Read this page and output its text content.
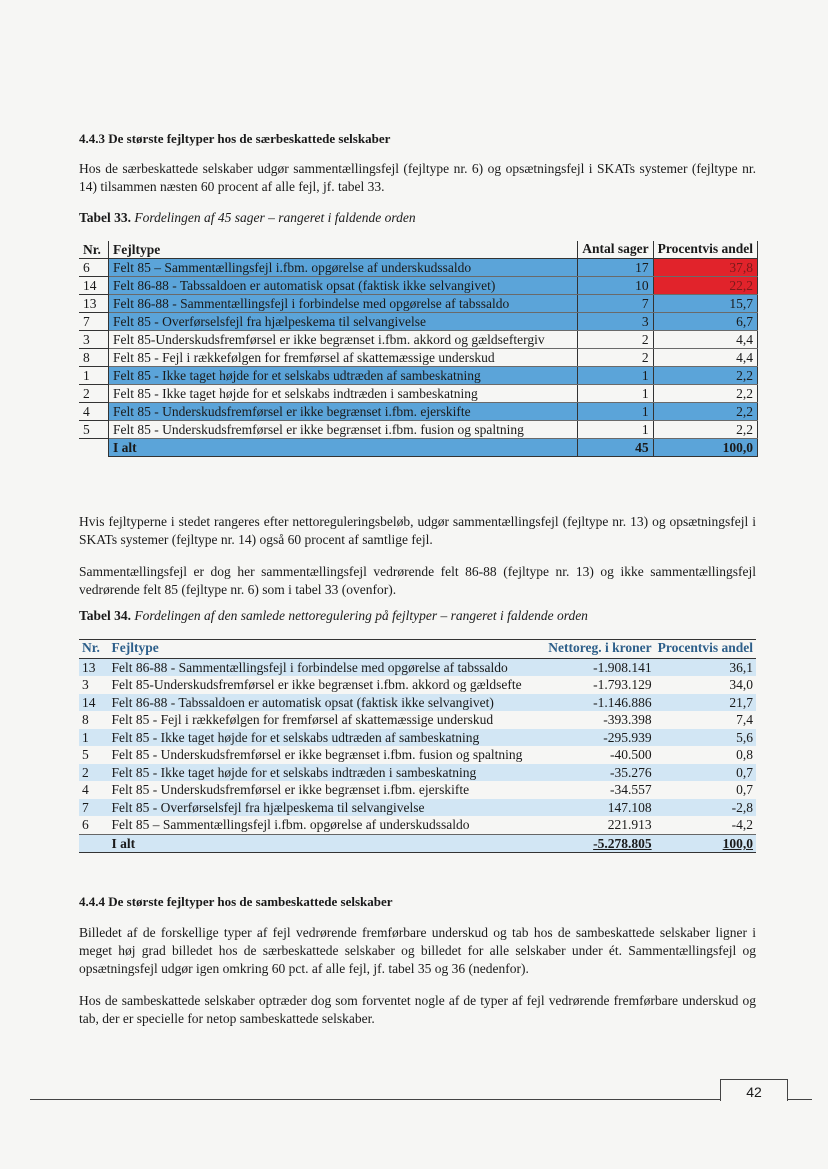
4.4.3 De største fejltyper hos de særbeskattede selskaber
Hos de særbeskattede selskaber udgør sammentællingsfejl (fejltype nr. 6) og opsætningsfejl i SKATs systemer (fejltype nr. 14) tilsammen næsten 60 procent af alle fejl, jf. tabel 33.
Tabel 33. Fordelingen af 45 sager – rangeret i faldende orden
Nr.	Fejltype	Antal sager	Procentvis andel
6	Felt 85 – Sammentællingsfejl i.fbm. opgørelse af underskudssaldo	17	37,8
14	Felt 86-88 - Tabssaldoen er automatisk opsat (faktisk ikke selvangivet)	10	22,2
13	Felt 86-88 - Sammentællingsfejl i forbindelse med opgørelse af tabssaldo	7	15,7
7	Felt 85 - Overførselsfejl fra hjælpeskema til selvangivelse	3	6,7
3	Felt 85-Underskudsfremførsel er ikke begrænset i.fbm. akkord og gældseftergiv	2	4,4
8	Felt 85 - Fejl i rækkefølgen for fremførsel af skattemæssige underskud	2	4,4
1	Felt 85 - Ikke taget højde for et selskabs udtræden af sambeskatning	1	2,2
2	Felt 85 - Ikke taget højde for et selskabs indtræden i sambeskatning	1	2,2
4	Felt 85 - Underskudsfremførsel er ikke begrænset i.fbm. ejerskifte	1	2,2
5	Felt 85 - Underskudsfremførsel er ikke begrænset i.fbm. fusion og spaltning	1	2,2
	I alt	45	100,0
Hvis fejltyperne i stedet rangeres efter nettoreguleringsbeløb, udgør sammentællingsfejl (fejltype nr. 13) og opsætningsfejl i SKATs systemer (fejltype nr. 14) også 60 procent af samtlige fejl.
Sammentællingsfejl er dog her sammentællingsfejl vedrørende felt 86-88 (fejltype nr. 13) og ikke sammentællingsfejl vedrørende felt 85 (fejltype nr. 6) som i tabel 33 (ovenfor).
Tabel 34. Fordelingen af den samlede nettoregulering på fejltyper – rangeret i faldende orden
Nr.	Fejltype	Nettoreg. i kroner	Procentvis andel
13	Felt 86-88 - Sammentællingsfejl i forbindelse med opgørelse af tabssaldo	-1.908.141	36,1
3	Felt 85-Underskudsfremførsel er ikke begrænset i.fbm. akkord og gældsefte	-1.793.129	34,0
14	Felt 86-88 - Tabssaldoen er automatisk opsat (faktisk ikke selvangivet)	-1.146.886	21,7
8	Felt 85 - Fejl i rækkefølgen for fremførsel af skattemæssige underskud	-393.398	7,4
1	Felt 85 - Ikke taget højde for et selskabs udtræden af sambeskatning	-295.939	5,6
5	Felt 85 - Underskudsfremførsel er ikke begrænset i.fbm. fusion og spaltning	-40.500	0,8
2	Felt 85 - Ikke taget højde for et selskabs indtræden i sambeskatning	-35.276	0,7
4	Felt 85 - Underskudsfremførsel er ikke begrænset i.fbm. ejerskifte	-34.557	0,7
7	Felt 85 - Overførselsfejl fra hjælpeskema til selvangivelse	147.108	-2,8
6	Felt 85 – Sammentællingsfejl i.fbm. opgørelse af underskudssaldo	221.913	-4,2
	I alt	-5.278.805	100,0
4.4.4 De største fejltyper hos de sambeskattede selskaber
Billedet af de forskellige typer af fejl vedrørende fremførbare underskud og tab hos de sambeskattede selskaber ligner i meget høj grad billedet hos de særbeskattede selskaber og billedet for alle selskaber under ét. Sammentællingsfejl og opsætningsfejl udgør igen omkring 60 pct. af alle fejl, jf. tabel 35 og 36 (nedenfor).
Hos de sambeskattede selskaber optræder dog som forventet nogle af de typer af fejl vedrørende fremførbare underskud og tab, der er specielle for netop sambeskattede selskaber.
42
